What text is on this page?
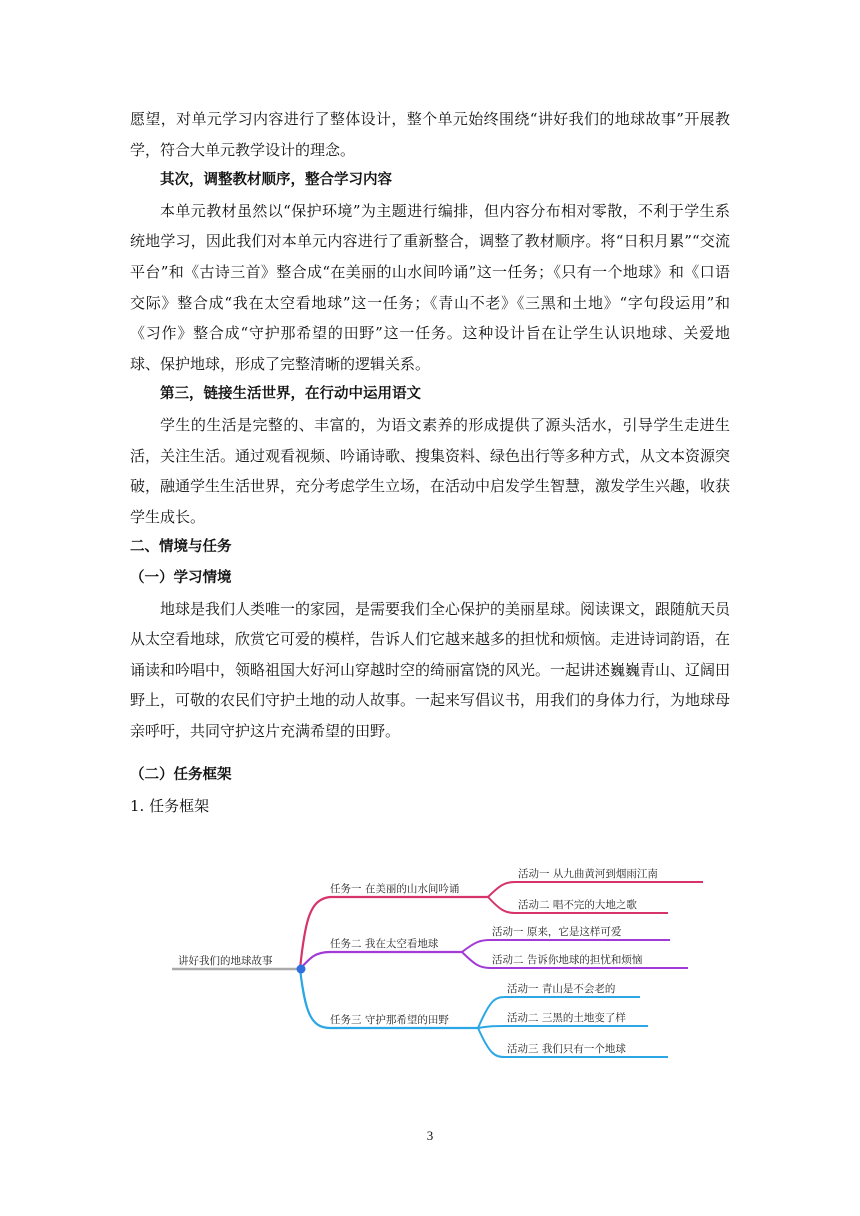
愿望，对单元学习内容进行了整体设计，整个单元始终围绕“讲好我们的地球故事”开展教学，符合大单元教学设计的理念。

其次，调整教材顺序，整合学习内容

本单元教材虽然以“保护环境”为主题进行编排，但内容分布相对零散，不利于学生系统地学习，因此我们对本单元内容进行了重新整合，调整了教材顺序。将“日积月累”“交流平台”和《古诗三首》整合成“在美丽的山水间吟诵”这一任务；《只有一个地球》和《口语交际》整合成“我在太空看地球”这一任务；《青山不老》《三黑和土地》“字句段运用”和《习作》整合成“守护那希望的田野”这一任务。这种设计旨在让学生认识地球、关爱地球、保护地球，形成了完整清晰的逻辑关系。

第三，链接生活世界，在行动中运用语文

学生的生活是完整的、丰富的，为语文素养的形成提供了源头活水，引导学生走进生活，关注生活。通过观看视频、吟诵诗歌、搜集资料、绿色出行等多种方式，从文本资源突破，融通学生生活世界，充分考虑学生立场，在活动中启发学生智慧，激发学生兴趣，收获学生成长。

二、情境与任务

（一）学习情境

地球是我们人类唯一的家园，是需要我们全心保护的美丽星球。阅读课文，跟随航天员从太空看地球，欣赏它可爱的模样，告诉人们它越来越多的担忧和烦恼。走进诗词韵语，在诵读和吟唱中，领略祖国大好河山穿越时空的绮丽富饶的风光。一起讲述巍巍青山、辽阔田野上，可敬的农民们守护土地的动人故事。一起来写倡议书，用我们的身体力行，为地球母亲呼吁，共同守护这片充满希望的田野。

（二）任务框架

1. 任务框架

讲好我们的地球故事
任务一 在美丽的山水间吟诵
活动一 从九曲黄河到烟雨江南
活动二 唱不完的大地之歌
任务二 我在太空看地球
活动一 原来，它是这样可爱
活动二 告诉你地球的担忧和烦恼
任务三 守护那希望的田野
活动一 青山是不会老的
活动二 三黑的土地变了样
活动三 我们只有一个地球
3
